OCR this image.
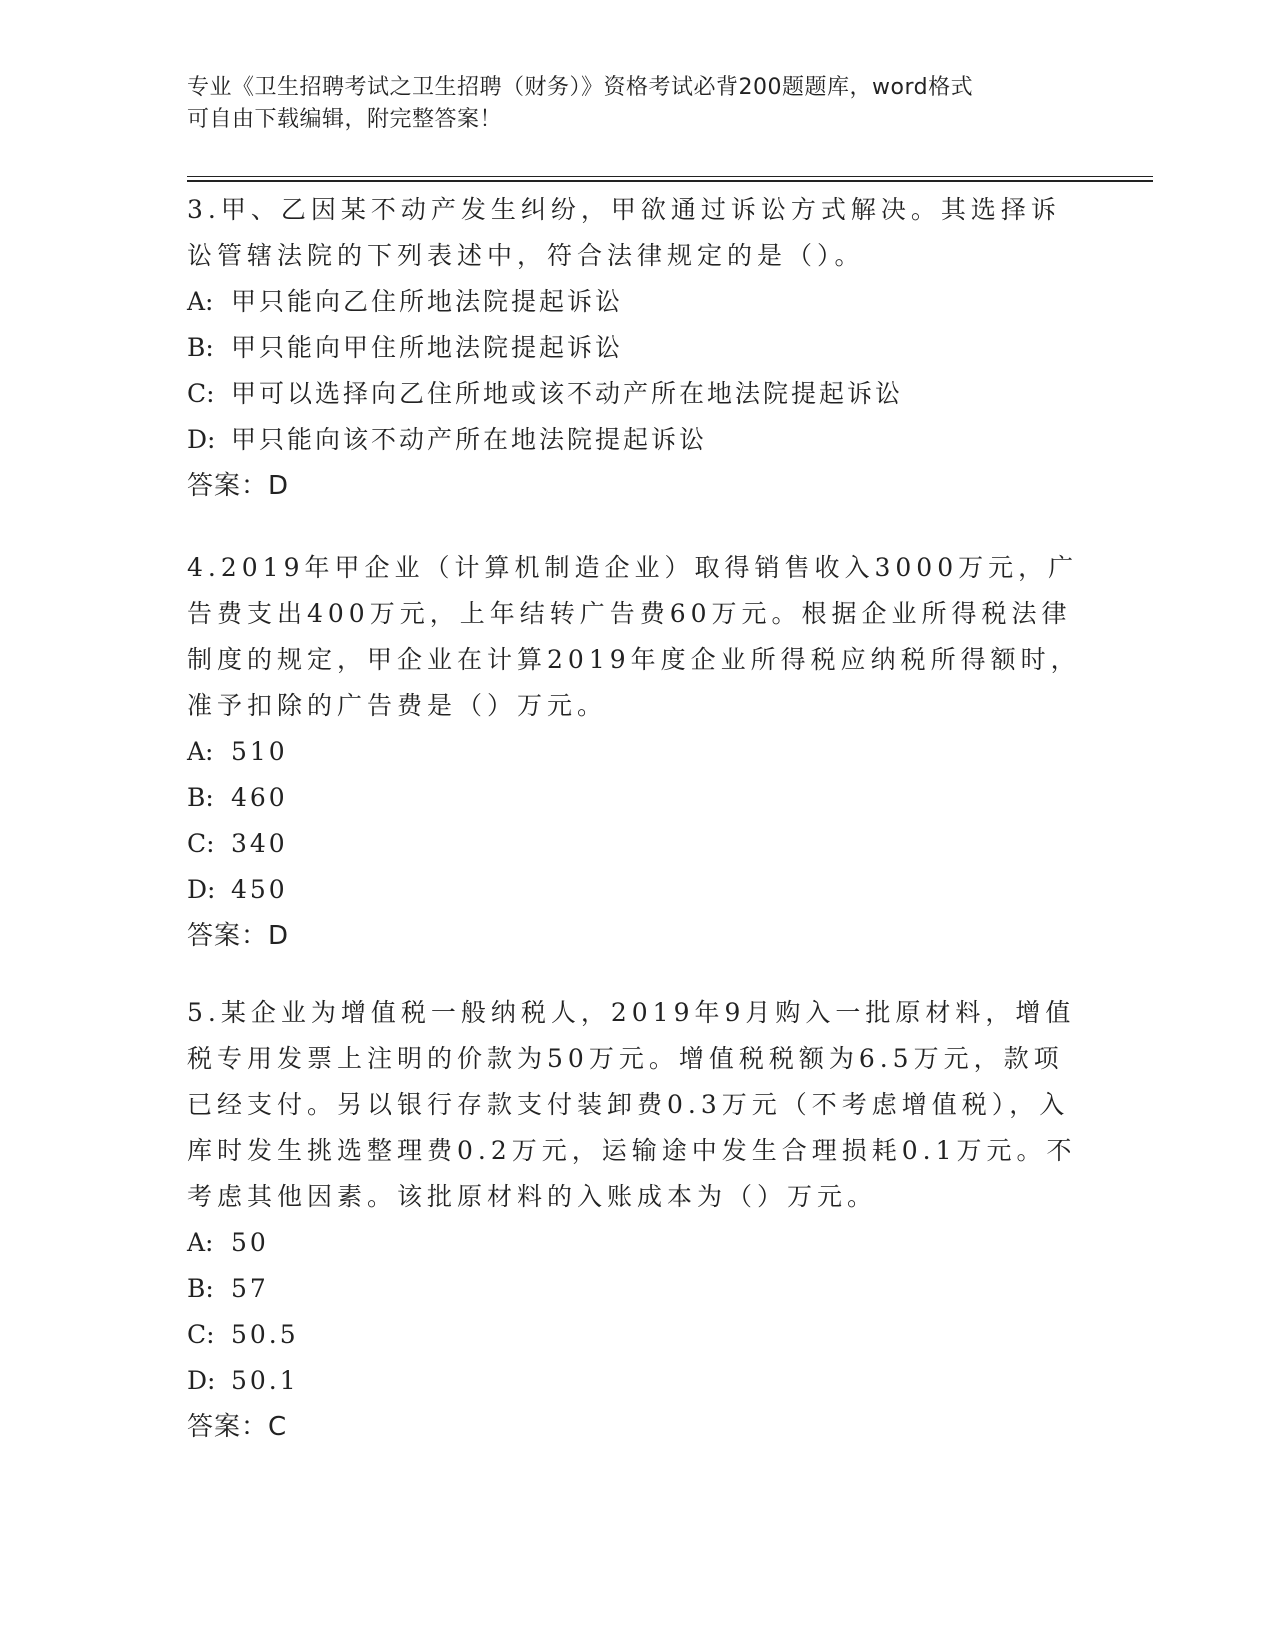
专业《卫生招聘考试之卫生招聘（财务）》资格考试必背200题题库，word格式
可自由下载编辑，附完整答案！
3.甲、乙因某不动产发生纠纷，甲欲通过诉讼方式解决。其选择诉讼管辖法院的下列表述中，符合法律规定的是（）。
A: 甲只能向乙住所地法院提起诉讼
B: 甲只能向甲住所地法院提起诉讼
C: 甲可以选择向乙住所地或该不动产所在地法院提起诉讼
D: 甲只能向该不动产所在地法院提起诉讼
答案：D
4.2019年甲企业（计算机制造企业）取得销售收入3000万元，广告费支出400万元，上年结转广告费60万元。根据企业所得税法律制度的规定，甲企业在计算2019年度企业所得税应纳税所得额时，准予扣除的广告费是（）万元。
A: 510
B: 460
C: 340
D: 450
答案：D
5.某企业为增值税一般纳税人，2019年9月购入一批原材料，增值税专用发票上注明的价款为50万元。增值税税额为6.5万元，款项已经支付。另以银行存款支付装卸费0.3万元（不考虑增值税），入库时发生挑选整理费0.2万元，运输途中发生合理损耗0.1万元。不考虑其他因素。该批原材料的入账成本为（）万元。
A: 50
B: 57
C: 50.5
D: 50.1
答案：C
